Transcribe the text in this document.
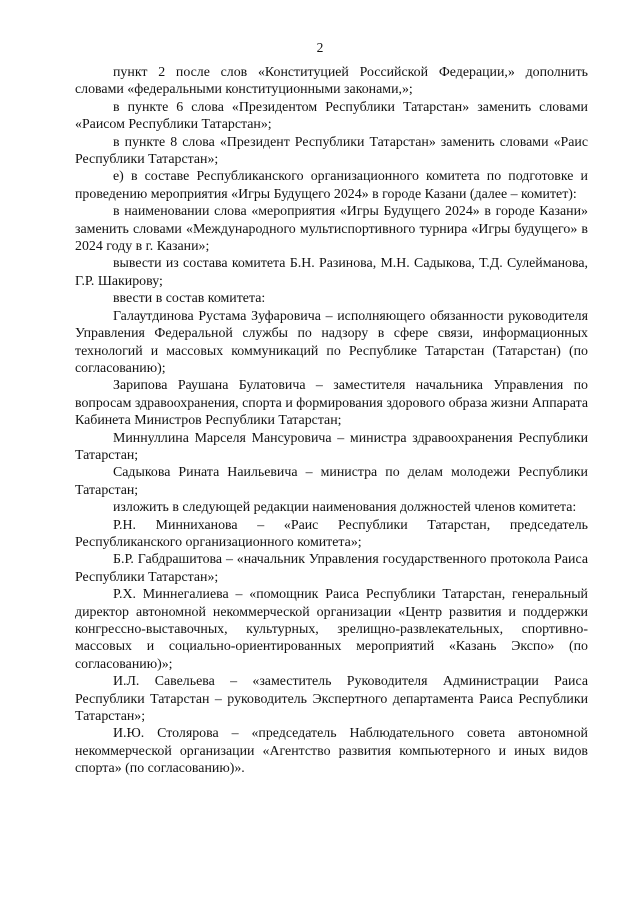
2

пункт 2 после слов «Конституцией Российской Федерации,» дополнить словами «федеральными конституционными законами,»;

в пункте 6 слова «Президентом Республики Татарстан» заменить словами «Раисом Республики Татарстан»;

в пункте 8 слова «Президент Республики Татарстан» заменить словами «Раис Республики Татарстан»;

е) в составе Республиканского организационного комитета по подготовке и проведению мероприятия «Игры Будущего 2024» в городе Казани (далее – комитет):

в наименовании слова «мероприятия «Игры Будущего 2024» в городе Казани» заменить словами «Международного мультиспортивного турнира «Игры будущего» в 2024 году в г. Казани»;

вывести из состава комитета Б.Н. Разинова, М.Н. Садыкова, Т.Д. Сулейманова, Г.Р. Шакирову;

ввести в состав комитета:

Галаутдинова Рустама Зуфаровича – исполняющего обязанности руководителя Управления Федеральной службы по надзору в сфере связи, информационных технологий и массовых коммуникаций по Республике Татарстан (Татарстан) (по согласованию);

Зарипова Раушана Булатовича – заместителя начальника Управления по вопросам здравоохранения, спорта и формирования здорового образа жизни Аппарата Кабинета Министров Республики Татарстан;

Миннуллина Марселя Мансуровича – министра здравоохранения Республики Татарстан;

Садыкова Рината Наильевича – министра по делам молодежи Республики Татарстан;

изложить в следующей редакции наименования должностей членов комитета:

Р.Н. Минниханова – «Раис Республики Татарстан, председатель Республиканского организационного комитета»;

Б.Р. Габдрашитова – «начальник Управления государственного протокола Раиса Республики Татарстан»;

Р.Х. Миннегалиева – «помощник Раиса Республики Татарстан, генеральный директор автономной некоммерческой организации «Центр развития и поддержки конгрессно-выставочных, культурных, зрелищно-развлекательных, спортивно-массовых и социально-ориентированных мероприятий «Казань Экспо» (по согласованию)»;

И.Л. Савельева – «заместитель Руководителя Администрации Раиса Республики Татарстан – руководитель Экспертного департамента Раиса Республики Татарстан»;

И.Ю. Столярова – «председатель Наблюдательного совета автономной некоммерческой организации «Агентство развития компьютерного и иных видов спорта» (по согласованию)».
